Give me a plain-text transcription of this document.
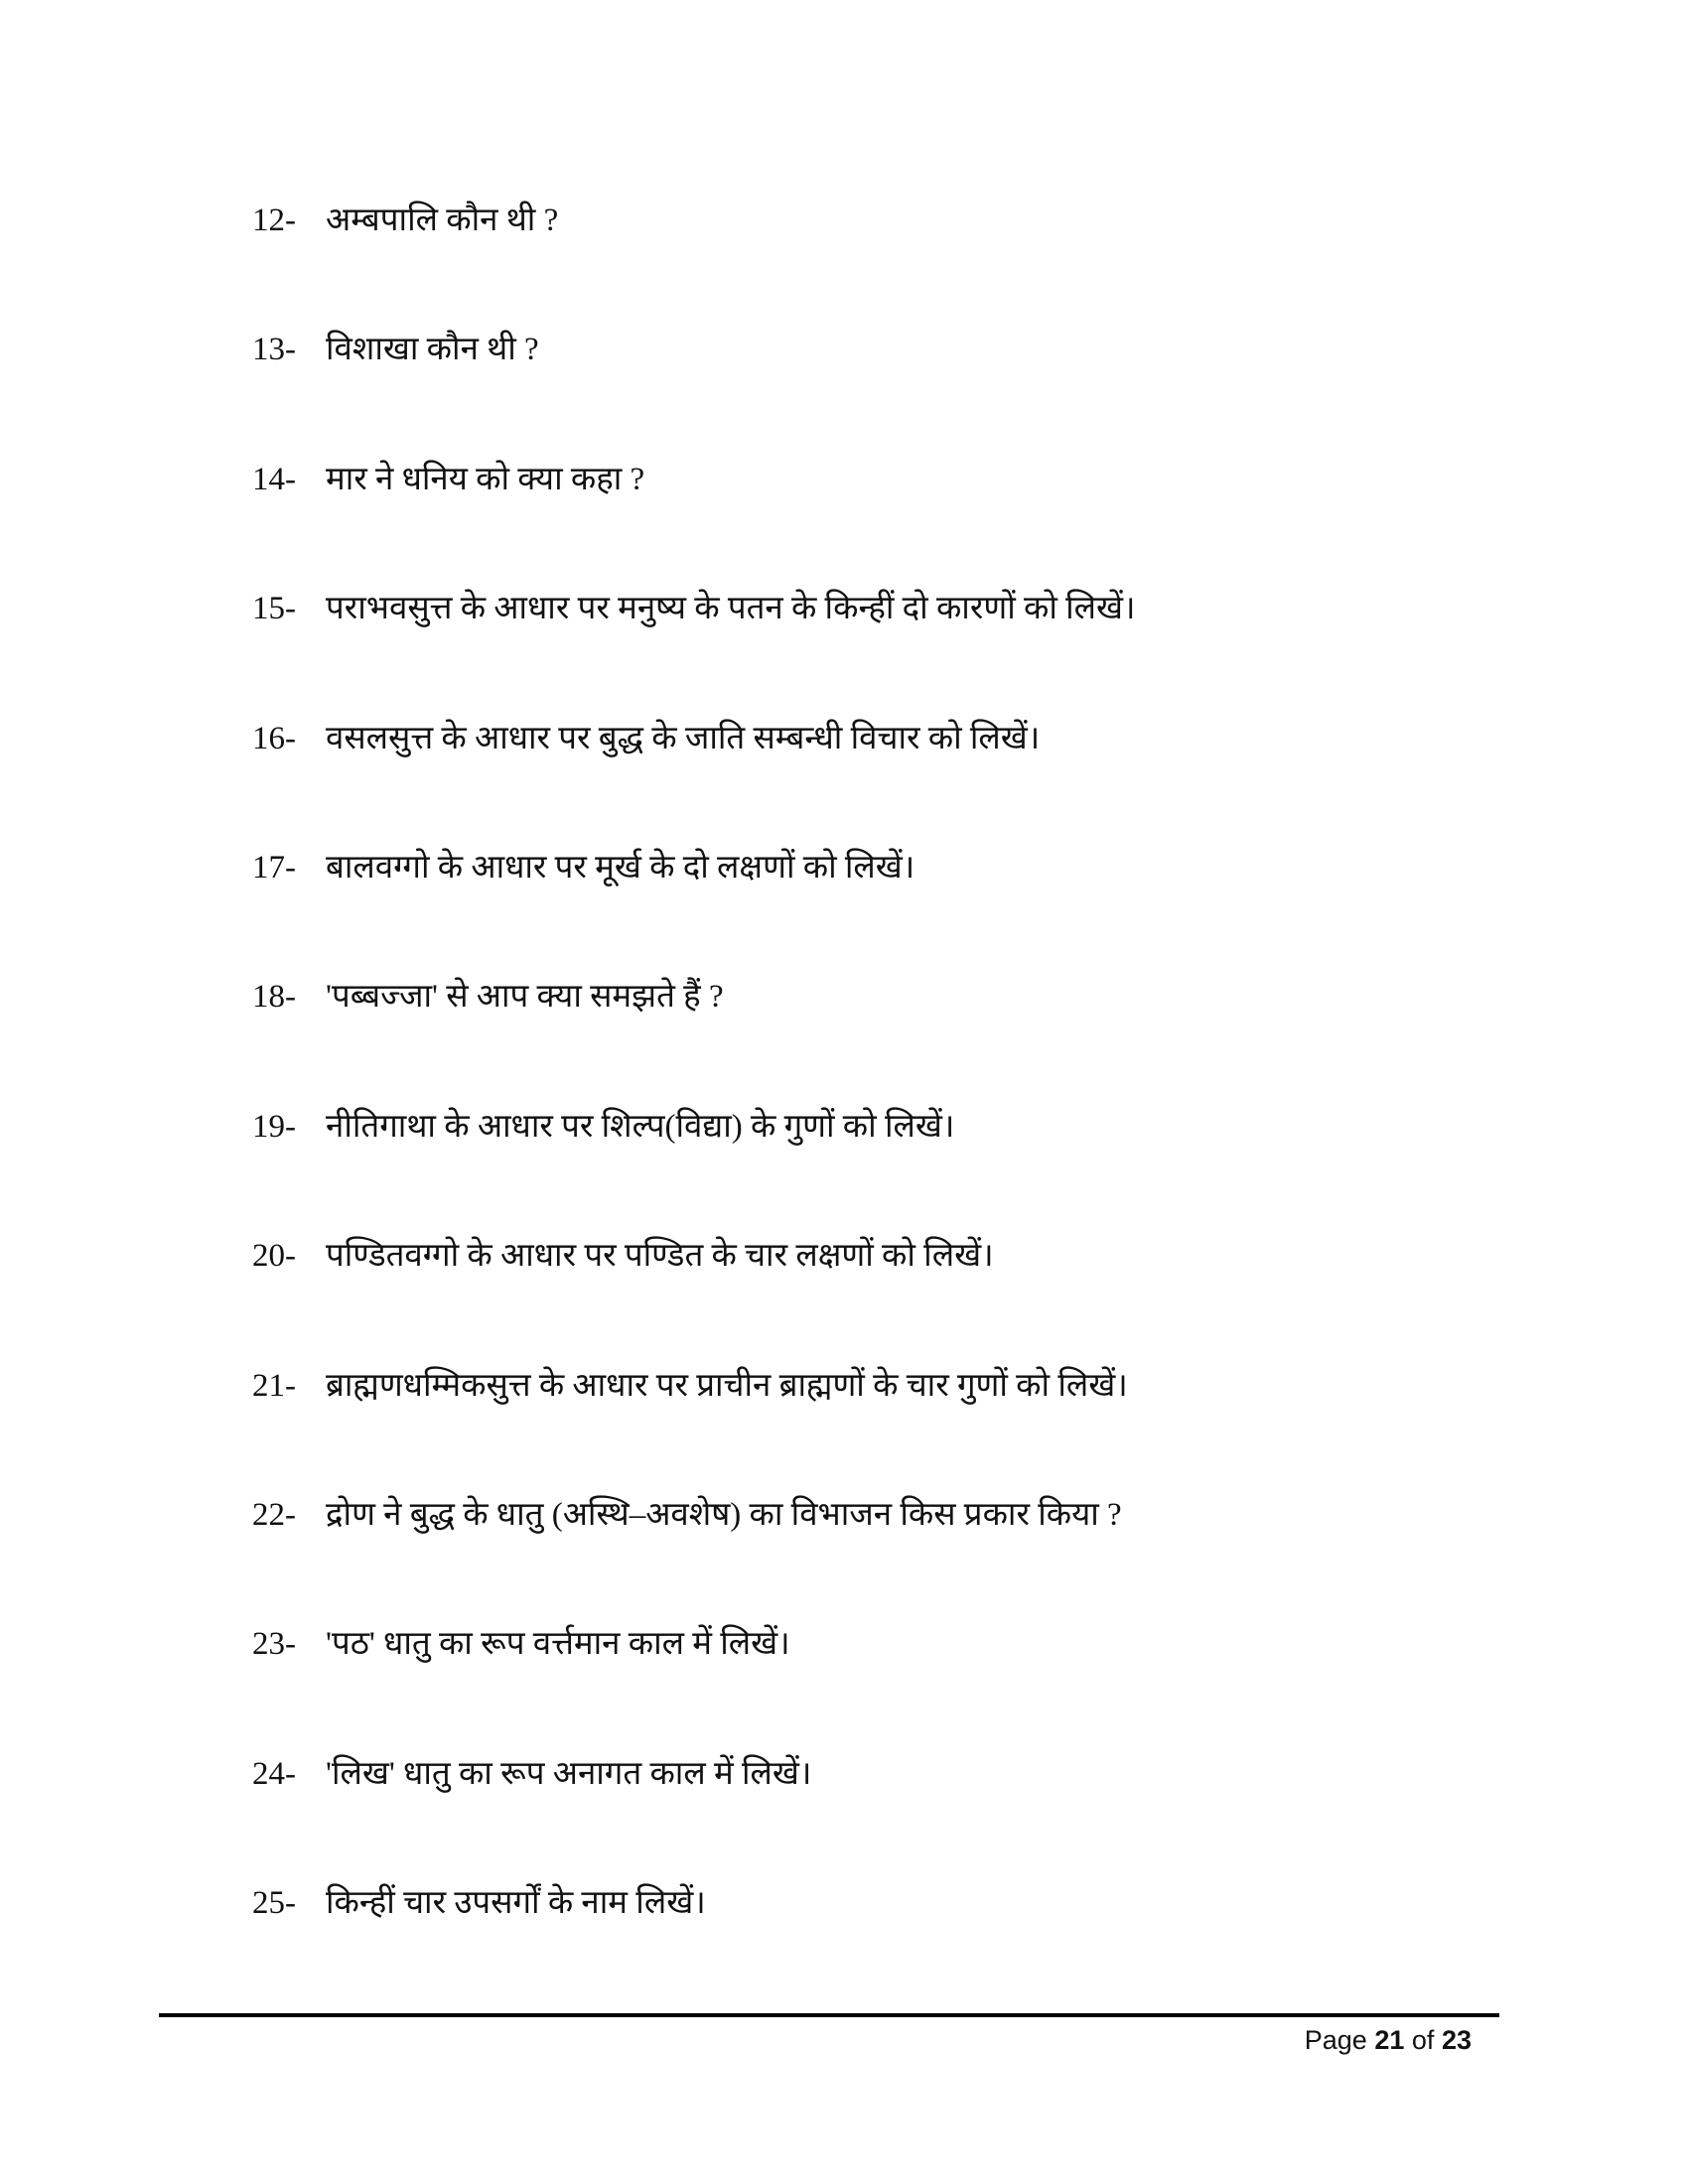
12- अम्बपालि कौन थी ?
13- विशाखा कौन थी ?
14- मार ने धनिय को क्या कहा ?
15- पराभवसुत्त के आधार पर मनुष्य के पतन के किन्हीं दो कारणों को लिखें।
16- वसलसुत्त के आधार पर बुद्ध के जाति सम्बन्धी विचार को लिखें।
17- बालवग्गो के आधार पर मूर्ख के दो लक्षणों को लिखें।
18- 'पब्बज्जा' से आप क्या समझते हैं ?
19- नीतिगाथा के आधार पर शिल्प(विद्या) के गुणों को लिखें।
20- पण्डितवग्गो के आधार पर पण्डित के चार लक्षणों को लिखें।
21- ब्राह्मणधम्मिकसुत्त के आधार पर प्राचीन ब्राह्मणों के चार गुणों को लिखें।
22- द्रोण ने बुद्ध के धातु (अस्थि–अवशेष) का विभाजन किस प्रकार किया ?
23- 'पठ' धातु का रूप वर्त्तमान काल में लिखें।
24- 'लिख' धातु का रूप अनागत काल में लिखें।
25- किन्हीं चार उपसर्गों के नाम लिखें।
Page 21 of 23
